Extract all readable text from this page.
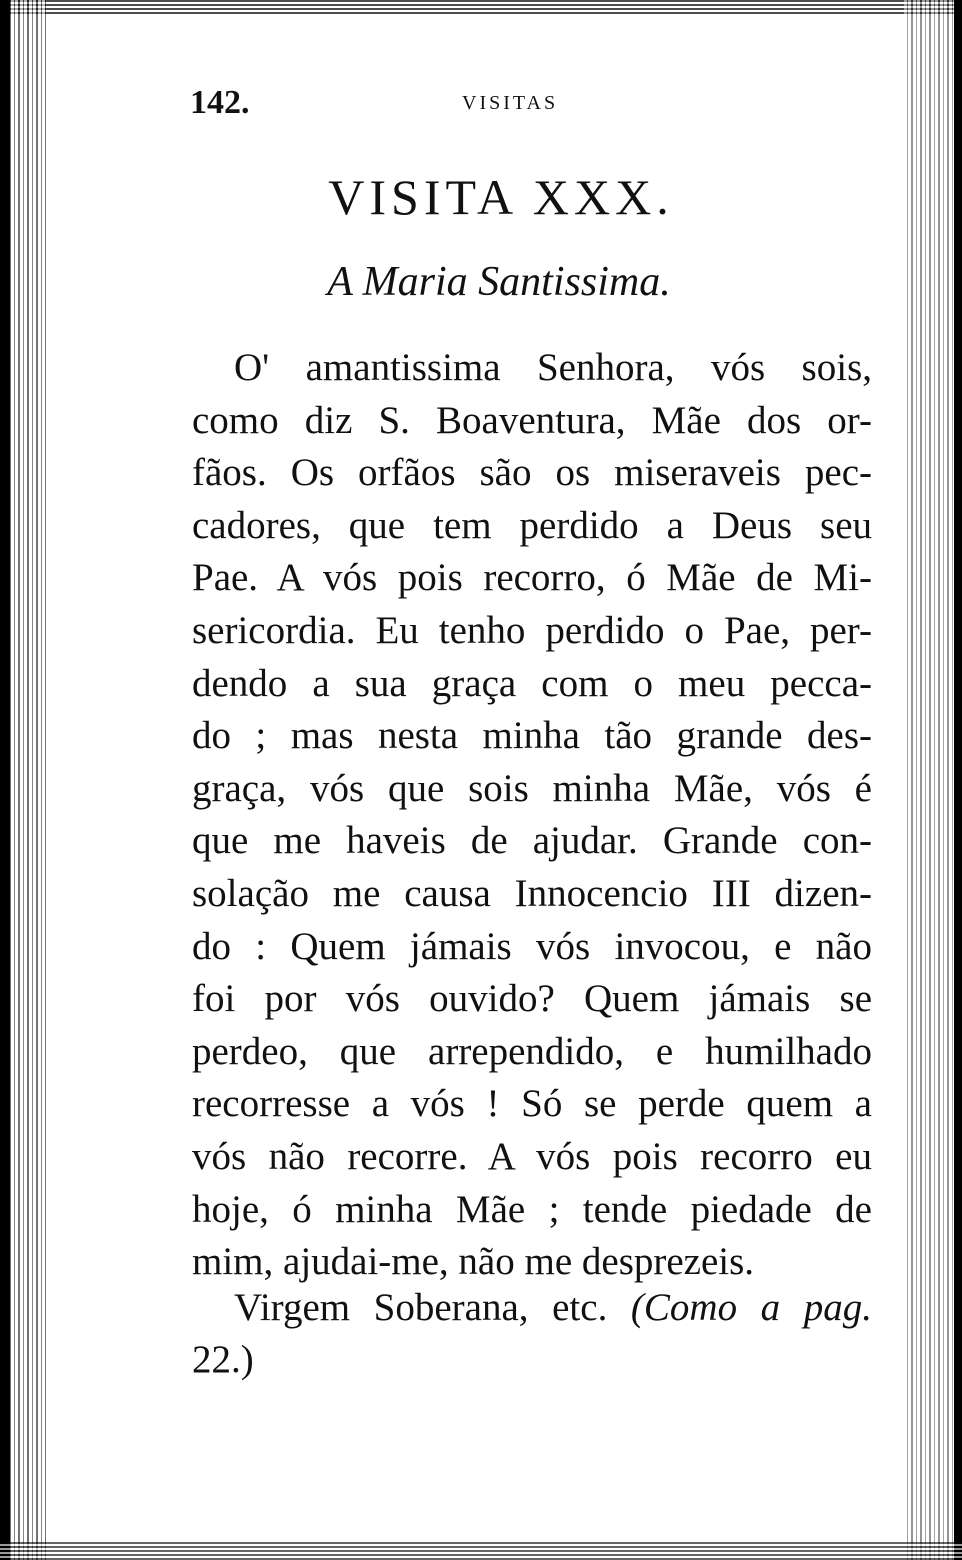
142.	VISITAS
VISITA XXX.
A Maria Santissima.
O' amantissima Senhora, vós sois,
como diz S. Boaventura, Mãe dos or-
fãos. Os orfãos são os miseraveis pec-
cadores, que tem perdido a Deus seu
Pae. A vós pois recorro, ó Mãe de Mi-
sericordia. Eu tenho perdido o Pae, per-
dendo a sua graça com o meu pecca-
do ; mas nesta minha tão grande des-
graça, vós que sois minha Mãe, vós é
que me haveis de ajudar. Grande con-
solação me causa Innocencio III dizen-
do : Quem jámais vós invocou, e não
foi por vós ouvido? Quem jámais se
perdeo, que arrependido, e humilhado
recorresse a vós ! Só se perde quem a
vós não recorre. A vós pois recorro eu
hoje, ó minha Mãe ; tende piedade de
mim, ajudai-me, não me desprezeis.
Virgem Soberana, etc. (Como a pag.
22.)
